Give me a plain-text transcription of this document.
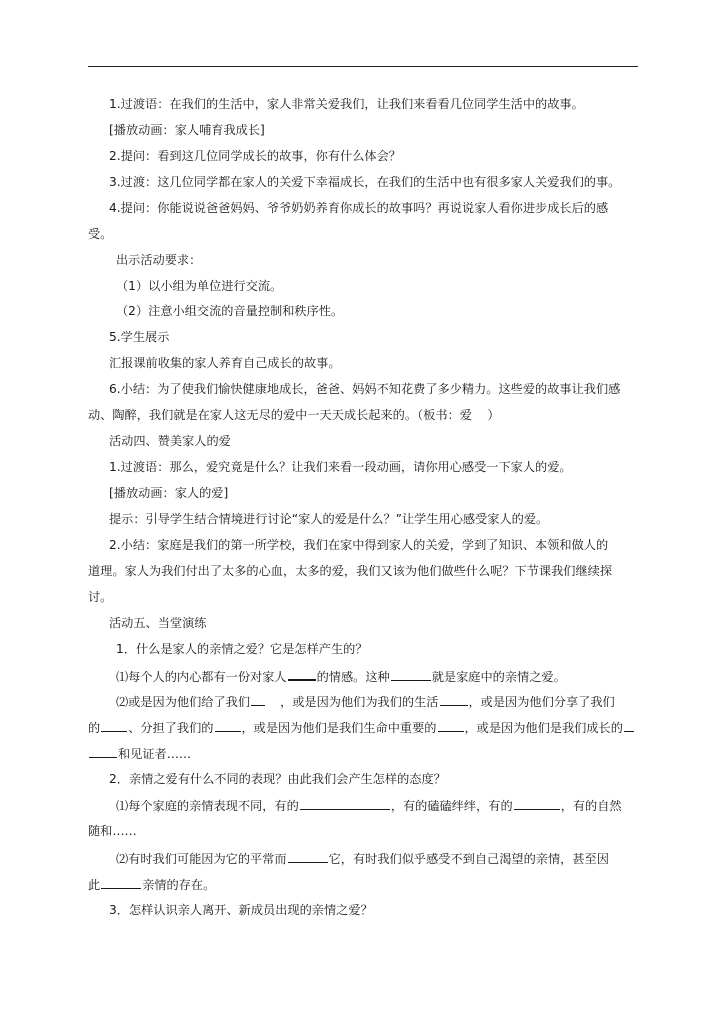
1.过渡语：在我们的生活中，家人非常关爱我们，让我们来看看几位同学生活中的故事。
[播放动画：家人哺育我成长]
2.提问：看到这几位同学成长的故事，你有什么体会？
3.过渡：这几位同学都在家人的关爱下幸福成长，在我们的生活中也有很多家人关爱我们的事。
4.提问：你能说说爸爸妈妈、爷爷奶奶养育你成长的故事吗？再说说家人看你进步成长后的感
受。
出示活动要求：
（1）以小组为单位进行交流。
（2）注意小组交流的音量控制和秩序性。
5.学生展示
汇报课前收集的家人养育自己成长的故事。
6.小结：为了使我们愉快健康地成长，爸爸、妈妈不知花费了多少精力。这些爱的故事让我们感
动、陶醉，我们就是在家人这无尽的爱中一天天成长起来的。（板书：爱    ）
活动四、赞美家人的爱
1.过渡语：那么，爱究竟是什么？让我们来看一段动画，请你用心感受一下家人的爱。
[播放动画：家人的爱]
提示：引导学生结合情境进行讨论“家人的爱是什么？”让学生用心感受家人的爱。
2.小结：家庭是我们的第一所学校，我们在家中得到家人的关爱，学到了知识、本领和做人的
道理。家人为我们付出了太多的心血，太多的爱，我们又该为他们做些什么呢？下节课我们继续探
讨。
活动五、当堂演练
1．什么是家人的亲情之爱？它是怎样产生的？
⑴每个人的内心都有一份对家人 的情感。这种	就是家庭中的亲情之爱。
⑵或是因为他们给了我们 ，或是因为他们为我们的生活 ，或是因为他们分享了我们
的 、分担了我们的 ，或是因为他们是我们生命中重要的 ，或是因为他们是我们成长的
和见证者……
2．亲情之爱有什么不同的表现？由此我们会产生怎样的态度？
⑴每个家庭的亲情表现不同，有的	，有的磕磕绊绊，有的	，有的自然
随和……
⑵有时我们可能因为它的平常而	它，有时我们似乎感受不到自己渴望的亲情，甚至因
此	亲情的存在。
3．怎样认识亲人离开、新成员出现的亲情之爱？
